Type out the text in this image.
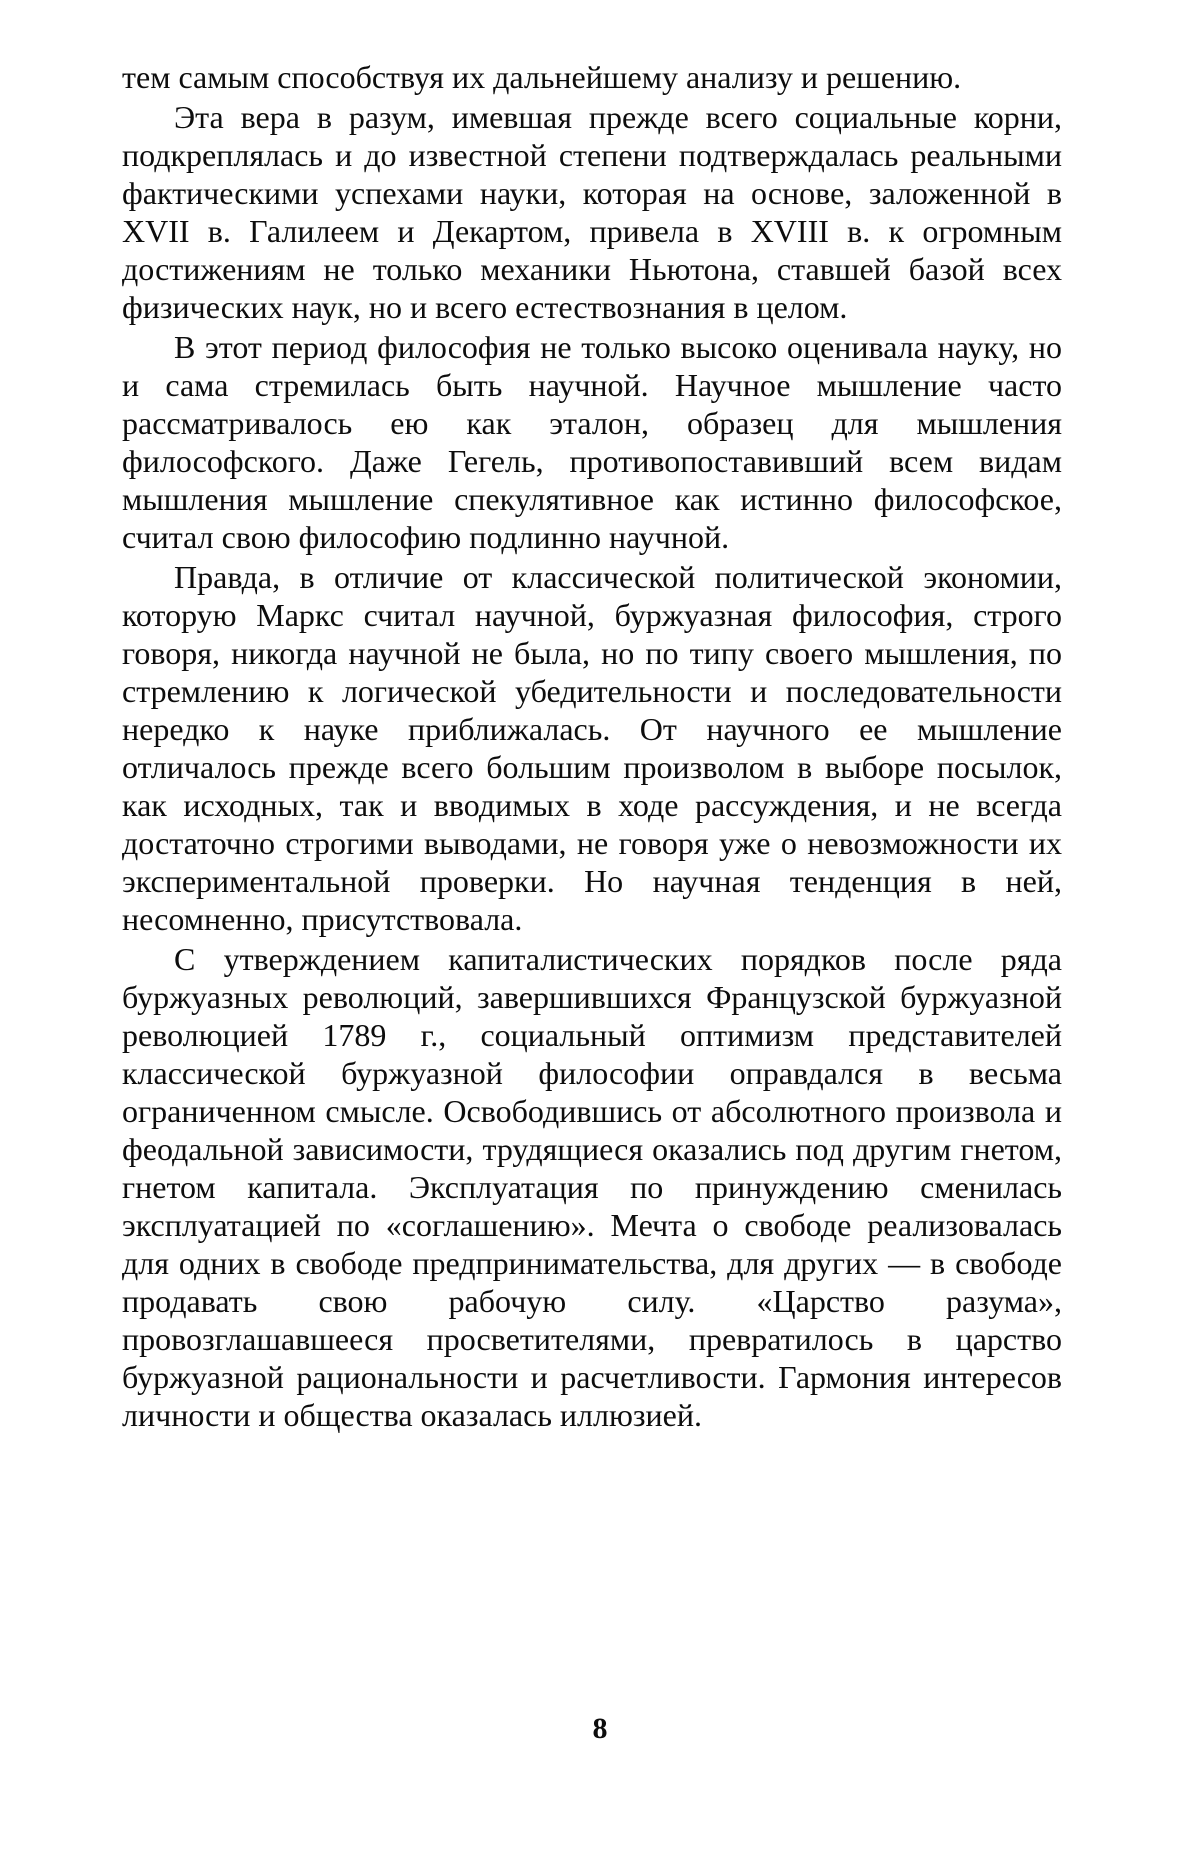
тем самым способствуя их дальнейшему анализу и решению.

Эта вера в разум, имевшая прежде всего социальные корни, подкреплялась и до известной степени подтверждалась реальными фактическими успехами науки, которая на основе, заложенной в XVII в. Галилеем и Декартом, привела в XVIII в. к огромным достижениям не только механики Ньютона, ставшей базой всех физических наук, но и всего естествознания в целом.

В этот период философия не только высоко оценивала науку, но и сама стремилась быть научной. Научное мышление часто рассматривалось ею как эталон, образец для мышления философского. Даже Гегель, противопоставивший всем видам мышления мышление спекулятивное как истинно философское, считал свою философию подлинно научной.

Правда, в отличие от классической политической экономии, которую Маркс считал научной, буржуазная философия, строго говоря, никогда научной не была, но по типу своего мышления, по стремлению к логической убедительности и последовательности нередко к науке приближалась. От научного ее мышление отличалось прежде всего большим произволом в выборе посылок, как исходных, так и вводимых в ходе рассуждения, и не всегда достаточно строгими выводами, не говоря уже о невозможности их экспериментальной проверки. Но научная тенденция в ней, несомненно, присутствовала.

С утверждением капиталистических порядков после ряда буржуазных революций, завершившихся Французской буржуазной революцией 1789 г., социальный оптимизм представителей классической буржуазной философии оправдался в весьма ограниченном смысле. Освободившись от абсолютного произвола и феодальной зависимости, трудящиеся оказались под другим гнетом, гнетом капитала. Эксплуатация по принуждению сменилась эксплуатацией по «соглашению». Мечта о свободе реализовалась для одних в свободе предпринимательства, для других — в свободе продавать свою рабочую силу. «Царство разума», провозглашавшееся просветителями, превратилось в царство буржуазной рациональности и расчетливости. Гармония интересов личности и общества оказалась иллюзией.

8
